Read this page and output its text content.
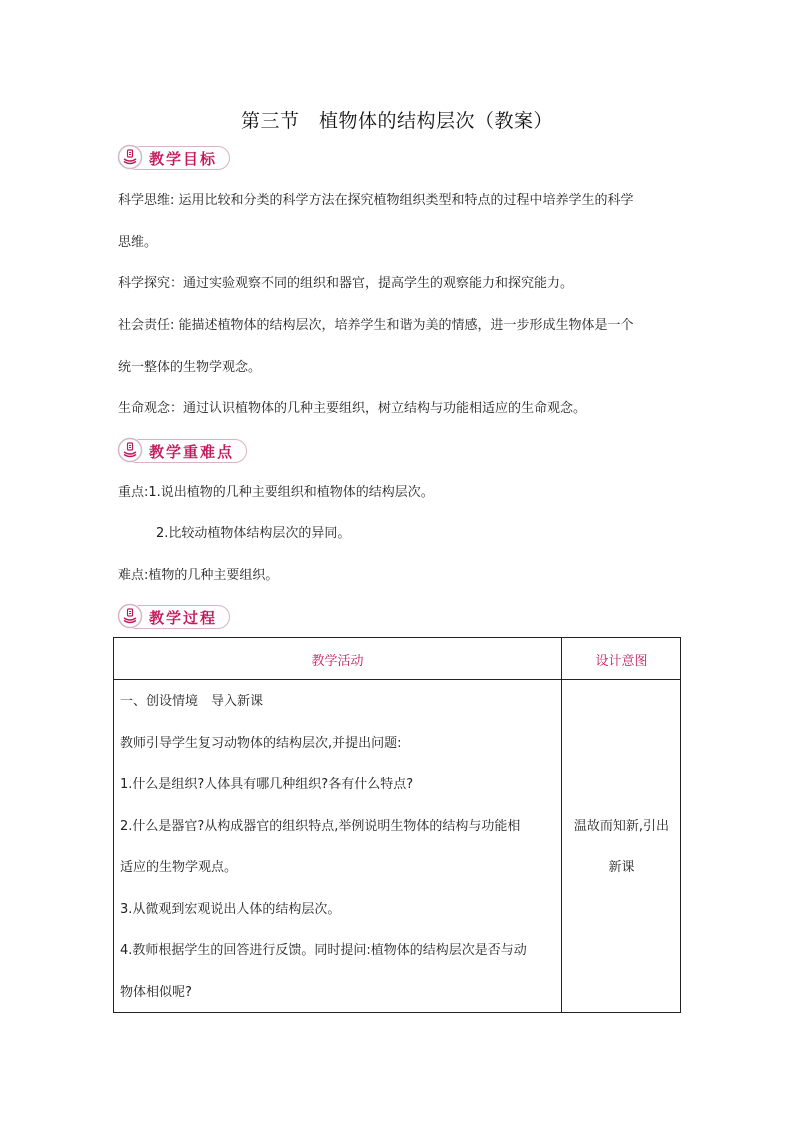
第三节　植物体的结构层次（教案）
教学目标
科学思维: 运用比较和分类的科学方法在探究植物组织类型和特点的过程中培养学生的科学
思维。
科学探究：通过实验观察不同的组织和器官，提高学生的观察能力和探究能力。
社会责任: 能描述植物体的结构层次，培养学生和谐为美的情感，进一步形成生物体是一个
统一整体的生物学观念。
生命观念：通过认识植物体的几种主要组织，树立结构与功能相适应的生命观念。
教学重难点
重点:1.说出植物的几种主要组织和植物体的结构层次。
2.比较动植物体结构层次的异同。
难点:植物的几种主要组织。
教学过程
教学活动	设计意图
一、创设情境　导入新课
教师引导学生复习动物体的结构层次,并提出问题:
1.什么是组织?人体具有哪几种组织?各有什么特点?
2.什么是器官?从构成器官的组织特点,举例说明生物体的结构与功能相
适应的生物学观点。
3.从微观到宏观说出人体的结构层次。
4.教师根据学生的回答进行反馈。同时提问:植物体的结构层次是否与动
物体相似呢?
温故而知新,引出
新课
